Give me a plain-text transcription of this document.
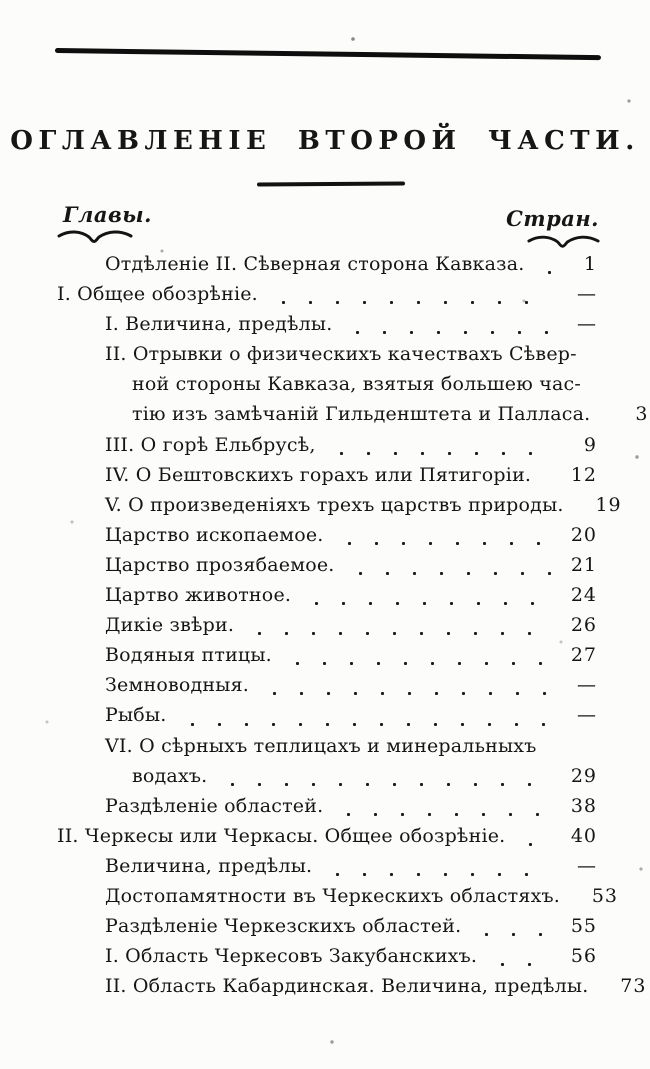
ОГЛАВЛЕНІЕ ВТОРОЙ ЧАСТИ.
Главы.	Стран.
Отдѣленіе II. Сѣверная сторона Кавказа.	1
I. Общее обозрѣніе.	—
I. Величина, предѣлы.	—
II. Отрывки о физическихъ качествахъ Сѣвер-
ной стороны Кавказа, взятыя большею час-
тію изъ замѣчаній Гильденштета и Палласа.	3
III. О горѣ Ельбрусѣ,	9
IV. О Бештовскихъ горахъ или Пятигоріи.	12
V. О произведеніяхъ трехъ царствъ природы.	19
Царство ископаемое.	20
Царство прозябаемое.	21
Цартво животное.	24
Дикіе звѣри.	26
Водяныя птицы.	27
Земноводныя.	—
Рыбы.	—
VI. О сѣрныхъ теплицахъ и минеральныхъ
водахъ.	29
Раздѣленіе областей.	38
II. Черкесы или Черкасы. Общее обозрѣніе.	40
Величина, предѣлы.	—
Достопамятности въ Черкескихъ областяхъ.	53
Раздѣленіе Черкезскихъ областей.	55
I. Область Черкесовъ Закубанскихъ.	56
II. Область Кабардинская. Величина, предѣлы.	73
